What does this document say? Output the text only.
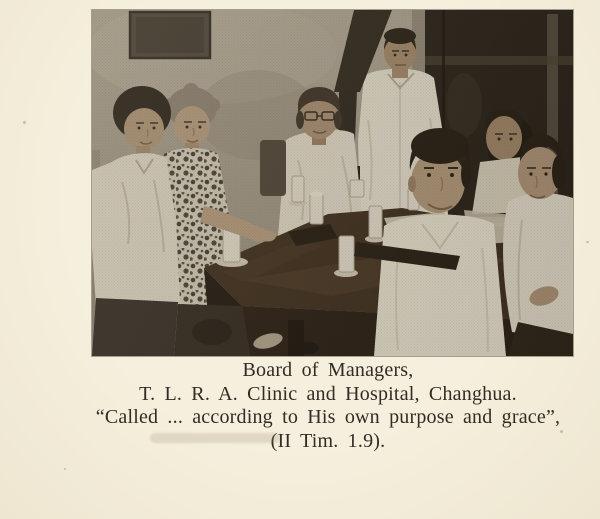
Board of Managers,
T. L. R. A. Clinic and Hospital, Changhua.
“Called ... according to His own purpose and grace”,
(II Tim. 1.9).
